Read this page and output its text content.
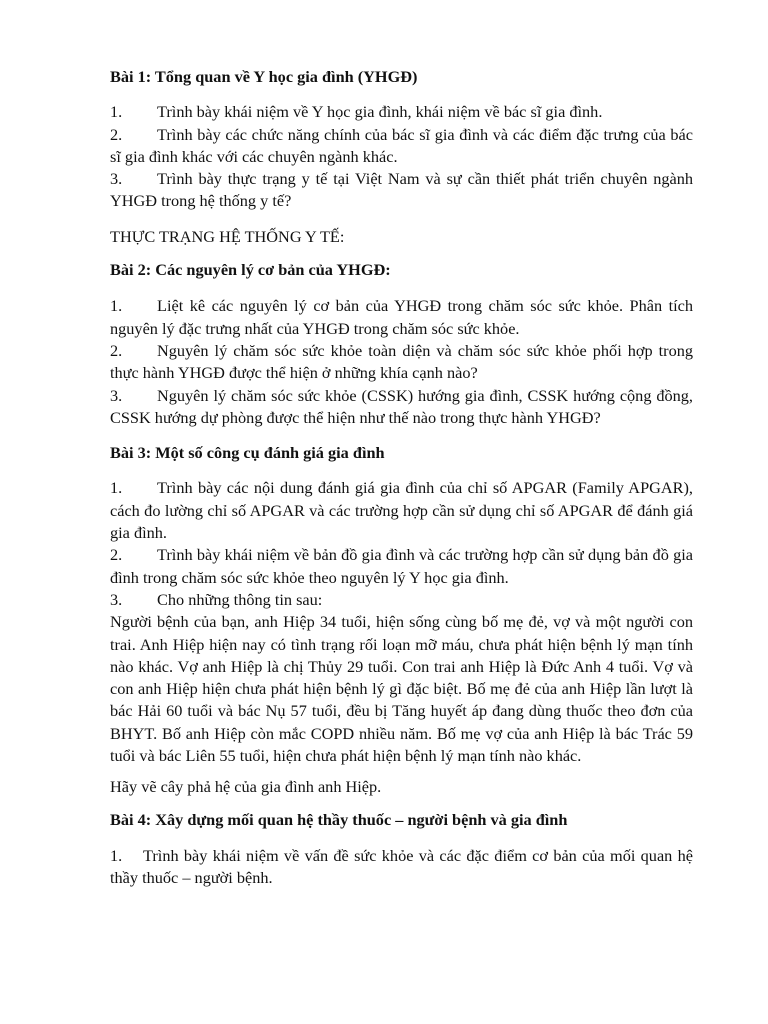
Bài 1: Tổng quan về Y học gia đình (YHGĐ)

1. Trình bày khái niệm về Y học gia đình, khái niệm về bác sĩ gia đình.

2. Trình bày các chức năng chính của bác sĩ gia đình và các điểm đặc trưng của bác sĩ gia đình khác với các chuyên ngành khác.

3. Trình bày thực trạng y tế tại Việt Nam và sự cần thiết phát triển chuyên ngành YHGĐ trong hệ thống y tế?

THỰC TRẠNG HỆ THỐNG Y TẾ:

Bài 2: Các nguyên lý cơ bản của YHGĐ:

1. Liệt kê các nguyên lý cơ bản của YHGĐ trong chăm sóc sức khỏe. Phân tích nguyên lý đặc trưng nhất của YHGĐ trong chăm sóc sức khỏe.

2. Nguyên lý chăm sóc sức khỏe toàn diện và chăm sóc sức khỏe phối hợp trong thực hành YHGĐ được thể hiện ở những khía cạnh nào?

3. Nguyên lý chăm sóc sức khỏe (CSSK) hướng gia đình, CSSK hướng cộng đồng, CSSK hướng dự phòng được thể hiện như thế nào trong thực hành YHGĐ?

Bài 3: Một số công cụ đánh giá gia đình

1. Trình bày các nội dung đánh giá gia đình của chỉ số APGAR (Family APGAR), cách đo lường chỉ số APGAR và các trường hợp cần sử dụng chỉ số APGAR để đánh giá gia đình.

2. Trình bày khái niệm về bản đồ gia đình và các trường hợp cần sử dụng bản đồ gia đình trong chăm sóc sức khỏe theo nguyên lý Y học gia đình.

3. Cho những thông tin sau:

Người bệnh của bạn, anh Hiệp 34 tuổi, hiện sống cùng bố mẹ đẻ, vợ và một người con trai. Anh Hiệp hiện nay có tình trạng rối loạn mỡ máu, chưa phát hiện bệnh lý mạn tính nào khác. Vợ anh Hiệp là chị Thủy 29 tuổi. Con trai anh Hiệp là Đức Anh 4 tuổi. Vợ và con anh Hiệp hiện chưa phát hiện bệnh lý gì đặc biệt. Bố mẹ đẻ của anh Hiệp lần lượt là bác Hải 60 tuổi và bác Nụ 57 tuổi, đều bị Tăng huyết áp đang dùng thuốc theo đơn của BHYT. Bố anh Hiệp còn mắc COPD nhiều năm. Bố mẹ vợ của anh Hiệp là bác Trác 59 tuổi và bác Liên 55 tuổi, hiện chưa phát hiện bệnh lý mạn tính nào khác.

Hãy vẽ cây phả hệ của gia đình anh Hiệp.

Bài 4: Xây dựng mối quan hệ thầy thuốc – người bệnh và gia đình

1. Trình bày khái niệm về vấn đề sức khỏe và các đặc điểm cơ bản của mối quan hệ thầy thuốc – người bệnh.
